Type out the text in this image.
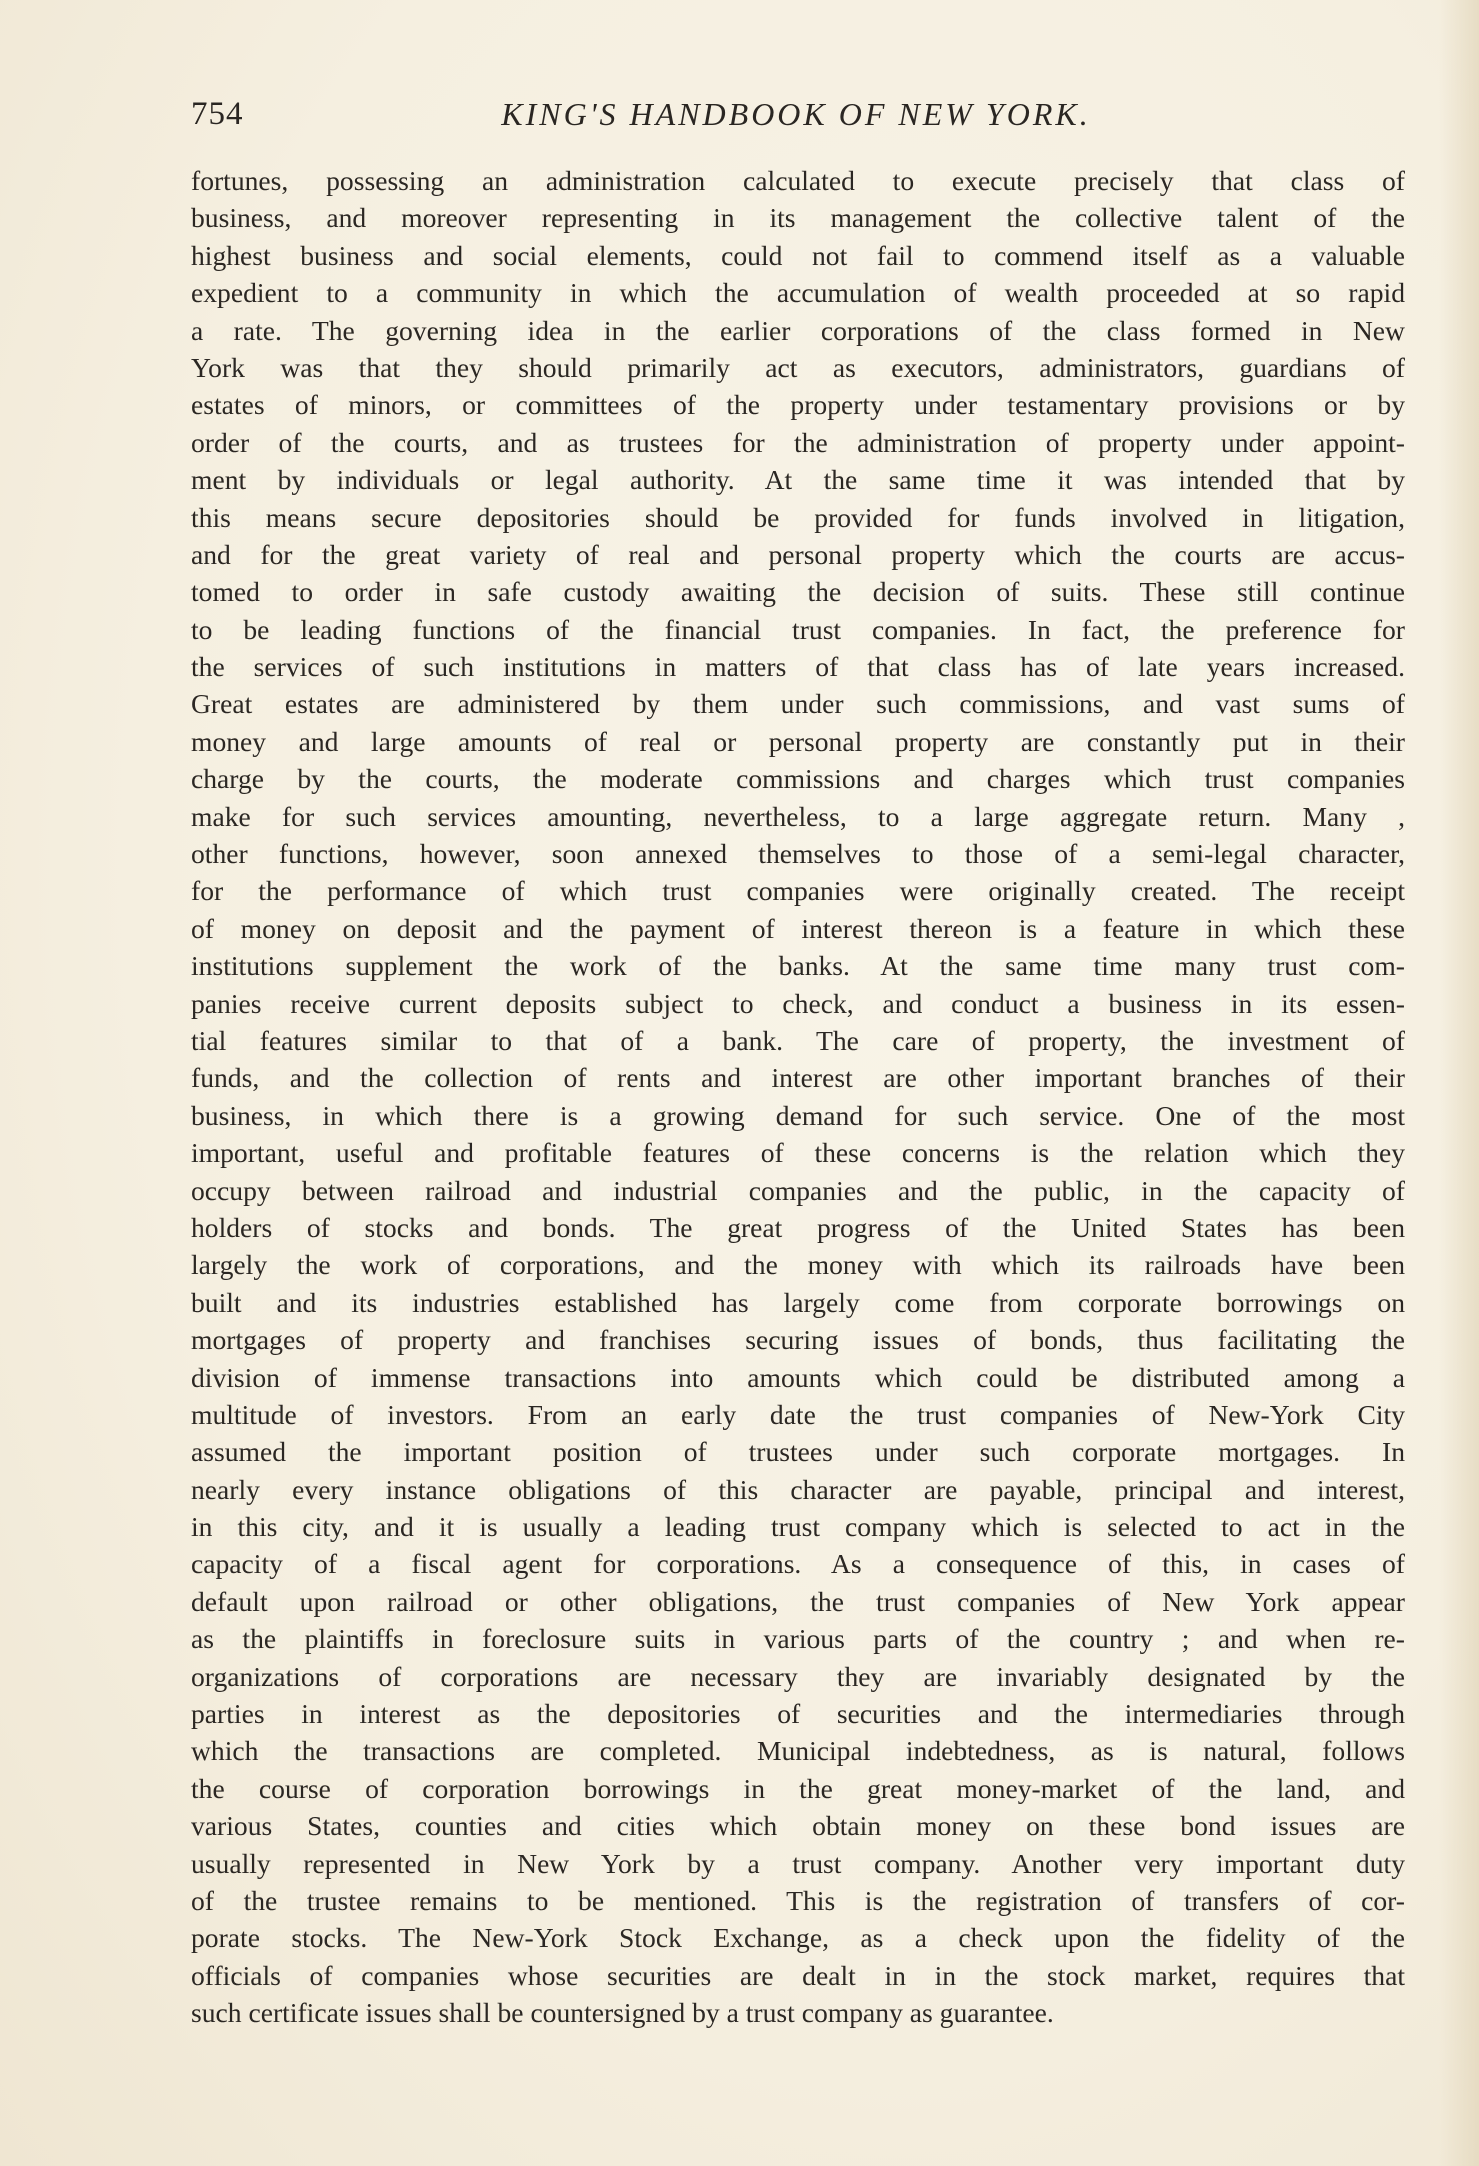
754	KING'S HANDBOOK OF NEW YORK.
fortunes, possessing an administration calculated to execute precisely that class of
business, and moreover representing in its management the collective talent of the
highest business and social elements, could not fail to commend itself as a valuable
expedient to a community in which the accumulation of wealth proceeded at so rapid
a rate. The governing idea in the earlier corporations of the class formed in New
York was that they should primarily act as executors, administrators, guardians of
estates of minors, or committees of the property under testamentary provisions or by
order of the courts, and as trustees for the administration of property under appoint-
ment by individuals or legal authority. At the same time it was intended that by
this means secure depositories should be provided for funds involved in litigation,
and for the great variety of real and personal property which the courts are accus-
tomed to order in safe custody awaiting the decision of suits. These still continue
to be leading functions of the financial trust companies. In fact, the preference for
the services of such institutions in matters of that class has of late years increased.
Great estates are administered by them under such commissions, and vast sums of
money and large amounts of real or personal property are constantly put in their
charge by the courts, the moderate commissions and charges which trust companies
make for such services amounting, nevertheless, to a large aggregate return. Many ,
other functions, however, soon annexed themselves to those of a semi-legal character,
for the performance of which trust companies were originally created. The receipt
of money on deposit and the payment of interest thereon is a feature in which these
institutions supplement the work of the banks. At the same time many trust com-
panies receive current deposits subject to check, and conduct a business in its essen-
tial features similar to that of a bank. The care of property, the investment of
funds, and the collection of rents and interest are other important branches of their
business, in which there is a growing demand for such service. One of the most
important, useful and profitable features of these concerns is the relation which they
occupy between railroad and industrial companies and the public, in the capacity of
holders of stocks and bonds. The great progress of the United States has been
largely the work of corporations, and the money with which its railroads have been
built and its industries established has largely come from corporate borrowings on
mortgages of property and franchises securing issues of bonds, thus facilitating the
division of immense transactions into amounts which could be distributed among a
multitude of investors. From an early date the trust companies of New-York City
assumed the important position of trustees under such corporate mortgages. In
nearly every instance obligations of this character are payable, principal and interest,
in this city, and it is usually a leading trust company which is selected to act in the
capacity of a fiscal agent for corporations. As a consequence of this, in cases of
default upon railroad or other obligations, the trust companies of New York appear
as the plaintiffs in foreclosure suits in various parts of the country ; and when re-
organizations of corporations are necessary they are invariably designated by the
parties in interest as the depositories of securities and the intermediaries through
which the transactions are completed. Municipal indebtedness, as is natural, follows
the course of corporation borrowings in the great money-market of the land, and
various States, counties and cities which obtain money on these bond issues are
usually represented in New York by a trust company. Another very important duty
of the trustee remains to be mentioned. This is the registration of transfers of cor-
porate stocks. The New-York Stock Exchange, as a check upon the fidelity of the
officials of companies whose securities are dealt in in the stock market, requires that
such certificate issues shall be countersigned by a trust company as guarantee.
